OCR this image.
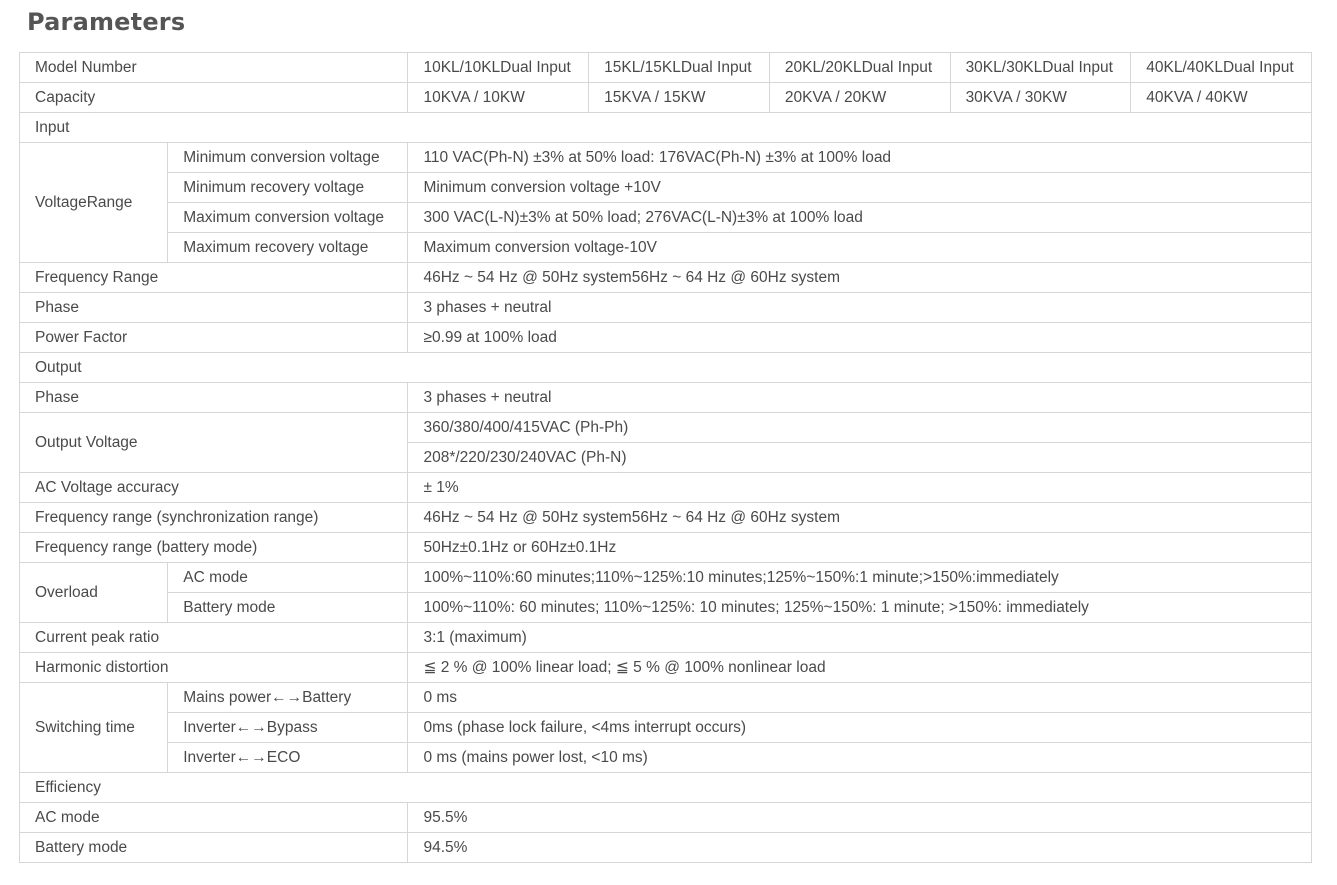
Parameters
Model Number		10KL/10KLDual Input	15KL/15KLDual Input	20KL/20KLDual Input	30KL/30KLDual Input	40KL/40KLDual Input
Capacity		10KVA / 10KW	15KVA / 15KW	20KVA / 20KW	30KVA / 30KW	40KVA / 40KW
Input						
VoltageRange	Minimum conversion voltage	110 VAC(Ph-N) ±3% at 50% load: 176VAC(Ph-N) ±3% at 100% load				
	Minimum recovery voltage	Minimum conversion voltage +10V				
	Maximum conversion voltage	300 VAC(L-N)±3% at 50% load; 276VAC(L-N)±3% at 100% load				
	Maximum recovery voltage	Maximum conversion voltage-10V				
Frequency Range		46Hz ~ 54 Hz @ 50Hz system56Hz ~ 64 Hz @ 60Hz system				
Phase		3 phases + neutral				
Power Factor		≥0.99 at 100% load				
Output						
Phase		3 phases + neutral				
Output Voltage		360/380/400/415VAC (Ph-Ph)				
		208*/220/230/240VAC (Ph-N)				
AC Voltage accuracy		± 1%				
Frequency range (synchronization range)		46Hz ~ 54 Hz @ 50Hz system56Hz ~ 64 Hz @ 60Hz system				
Frequency range (battery mode)		50Hz±0.1Hz or 60Hz±0.1Hz				
Overload	AC mode	100%~110%:60 minutes;110%~125%:10 minutes;125%~150%:1 minute;>150%:immediately				
	Battery mode	100%~110%: 60 minutes; 110%~125%: 10 minutes; 125%~150%: 1 minute; >150%: immediately				
Current peak ratio		3:1 (maximum)				
Harmonic distortion		≦ 2 % @ 100% linear load; ≦ 5 % @ 100% nonlinear load				
Switching time	Mains power←→Battery	0 ms				
	Inverter←→Bypass	0ms (phase lock failure, <4ms interrupt occurs)				
	Inverter←→ECO	0 ms (mains power lost, <10 ms)				
Efficiency						
AC mode		95.5%				
Battery mode		94.5%				
